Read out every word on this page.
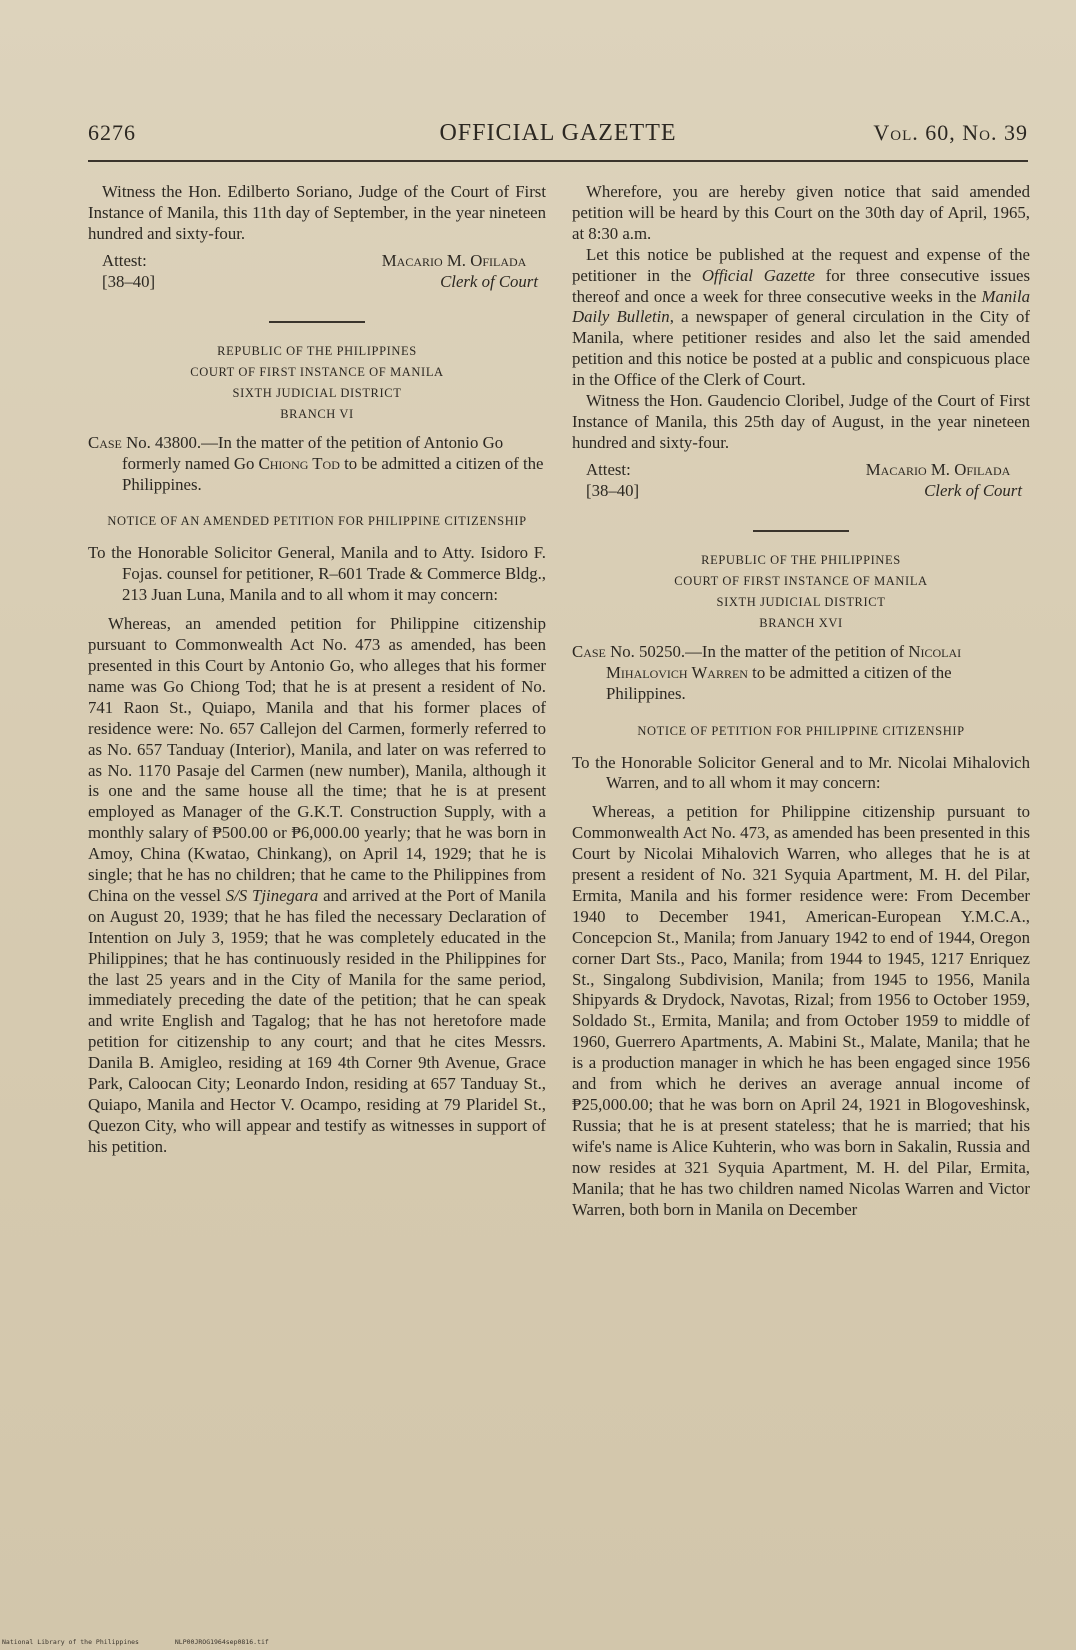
6276	OFFICIAL GAZETTE	Vol. 60, No. 39

Witness the Hon. Edilberto Soriano, Judge of the Court of First Instance of Manila, this 11th day of September, in the year nineteen hundred and sixty-four.

Attest:
[38–40]
Macario M. Ofilada
Clerk of Court
REPUBLIC OF THE PHILIPPINES
COURT OF FIRST INSTANCE OF MANILA
SIXTH JUDICIAL DISTRICT
BRANCH VI

Case No. 43800.—In the matter of the petition of Antonio Go formerly named Go Chiong Tod to be admitted a citizen of the Philippines.

NOTICE OF AN AMENDED PETITION FOR PHILIPPINE CITIZENSHIP

To the Honorable Solicitor General, Manila and to Atty. Isidoro F. Fojas. counsel for petitioner, R–601 Trade & Commerce Bldg., 213 Juan Luna, Manila and to all whom it may concern:

Whereas, an amended petition for Philippine citizenship pursuant to Commonwealth Act No. 473 as amended, has been presented in this Court by Antonio Go, who alleges that his former name was Go Chiong Tod; that he is at present a resident of No. 741 Raon St., Quiapo, Manila and that his former places of residence were: No. 657 Callejon del Carmen, formerly referred to as No. 657 Tanduay (Interior), Manila, and later on was referred to as No. 1170 Pasaje del Carmen (new number), Manila, although it is one and the same house all the time; that he is at present employed as Manager of the G.K.T. Construction Supply, with a monthly salary of ₱500.00 or ₱6,000.00 yearly; that he was born in Amoy, China (Kwatao, Chinkang), on April 14, 1929; that he is single; that he has no children; that he came to the Philippines from China on the vessel S/S Tjinegara and arrived at the Port of Manila on August 20, 1939; that he has filed the necessary Declaration of Intention on July 3, 1959; that he was completely educated in the Philippines; that he has continuously resided in the Philippines for the last 25 years and in the City of Manila for the same period, immediately preceding the date of the petition; that he can speak and write English and Tagalog; that he has not heretofore made petition for citizenship to any court; and that he cites Messrs. Danila B. Amigleo, residing at 169 4th Corner 9th Avenue, Grace Park, Caloocan City; Leonardo Indon, residing at 657 Tanduay St., Quiapo, Manila and Hector V. Ocampo, residing at 79 Plaridel St., Quezon City, who will appear and testify as witnesses in support of his petition.

Wherefore, you are hereby given notice that said amended petition will be heard by this Court on the 30th day of April, 1965, at 8:30 a.m.

Let this notice be published at the request and expense of the petitioner in the Official Gazette for three consecutive issues thereof and once a week for three consecutive weeks in the Manila Daily Bulletin, a newspaper of general circulation in the City of Manila, where petitioner resides and also let the said amended petition and this notice be posted at a public and conspicuous place in the Office of the Clerk of Court.

Witness the Hon. Gaudencio Cloribel, Judge of the Court of First Instance of Manila, this 25th day of August, in the year nineteen hundred and sixty-four.

Attest:
[38–40]
Macario M. Ofilada
Clerk of Court
REPUBLIC OF THE PHILIPPINES
COURT OF FIRST INSTANCE OF MANILA
SIXTH JUDICIAL DISTRICT
BRANCH XVI

Case No. 50250.—In the matter of the petition of Nicolai Mihalovich Warren to be admitted a citizen of the Philippines.

NOTICE OF PETITION FOR PHILIPPINE CITIZENSHIP

To the Honorable Solicitor General and to Mr. Nicolai Mihalovich Warren, and to all whom it may concern:

Whereas, a petition for Philippine citizenship pursuant to Commonwealth Act No. 473, as amended has been presented in this Court by Nicolai Mihalovich Warren, who alleges that he is at present a resident of No. 321 Syquia Apartment, M. H. del Pilar, Ermita, Manila and his former residence were: From December 1940 to December 1941, American-European Y.M.C.A., Concepcion St., Manila; from January 1942 to end of 1944, Oregon corner Dart Sts., Paco, Manila; from 1944 to 1945, 1217 Enriquez St., Singalong Subdivision, Manila; from 1945 to 1956, Manila Shipyards & Drydock, Navotas, Rizal; from 1956 to October 1959, Soldado St., Ermita, Manila; and from October 1959 to middle of 1960, Guerrero Apartments, A. Mabini St., Malate, Manila; that he is a production manager in which he has been engaged since 1956 and from which he derives an average annual income of ₱25,000.00; that he was born on April 24, 1921 in Blogoveshinsk, Russia; that he is at present stateless; that he is married; that his wife's name is Alice Kuhterin, who was born in Sakalin, Russia and now resides at 321 Syquia Apartment, M. H. del Pilar, Ermita, Manila; that he has two children named Nicolas Warren and Victor Warren, both born in Manila on December

National Library of the Philippines	NLP00JROG1964sep0816.tif
